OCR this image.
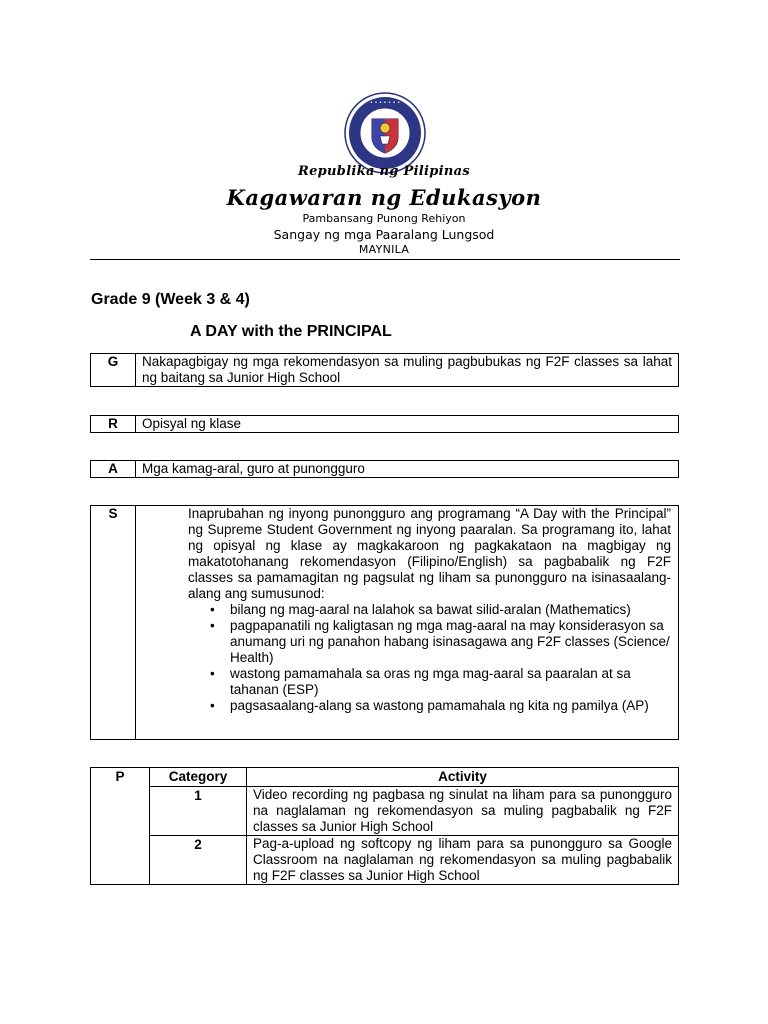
• • • • • • •
Republika ng Pilipinas
Kagawaran ng Edukasyon
Pambansang Punong Rehiyon
Sangay ng mga Paaralang Lungsod
MAYNILA
Grade 9 (Week 3 & 4)
A DAY with the PRINCIPAL
G	Nakapagbigay ng mga rekomendasyon sa muling pagbubukas ng F2F classes sa lahat ng baitang sa Junior High School
R	Opisyal ng klase
A	Mga kamag-aral, guro at punongguro
S	Inaprubahan ng inyong punongguro ang programang “A Day with the Principal” ng Supreme Student Government ng inyong paaralan. Sa programang ito, lahat ng opisyal ng klase ay magkakaroon ng pagkakataon na magbigay ng makatotohanang rekomendasyon (Filipino/English) sa pagbabalik ng F2F classes sa pamamagitan ng pagsulat ng liham sa punongguro na isinasaalang-alang ang sumusunod:
• bilang ng mag-aaral na lalahok sa bawat silid-aralan (Mathematics)
• pagpapanatili ng kaligtasan ng mga mag-aaral na may konsiderasyon sa anumang uri ng panahon habang isinasagawa ang F2F classes (Science/ Health)
• wastong pamamahala sa oras ng mga mag-aaral sa paaralan at sa tahanan (ESP)
• pagsasaalang-alang sa wastong pamamahala ng kita ng pamilya (AP)
P	Category	Activity
	1	Video recording ng pagbasa ng sinulat na liham para sa punongguro na naglalaman ng rekomendasyon sa muling pagbabalik ng F2F classes sa Junior High School
	2	Pag-a-upload ng softcopy ng liham para sa punongguro sa Google Classroom na naglalaman ng rekomendasyon sa muling pagbabalik ng F2F classes sa Junior High School
